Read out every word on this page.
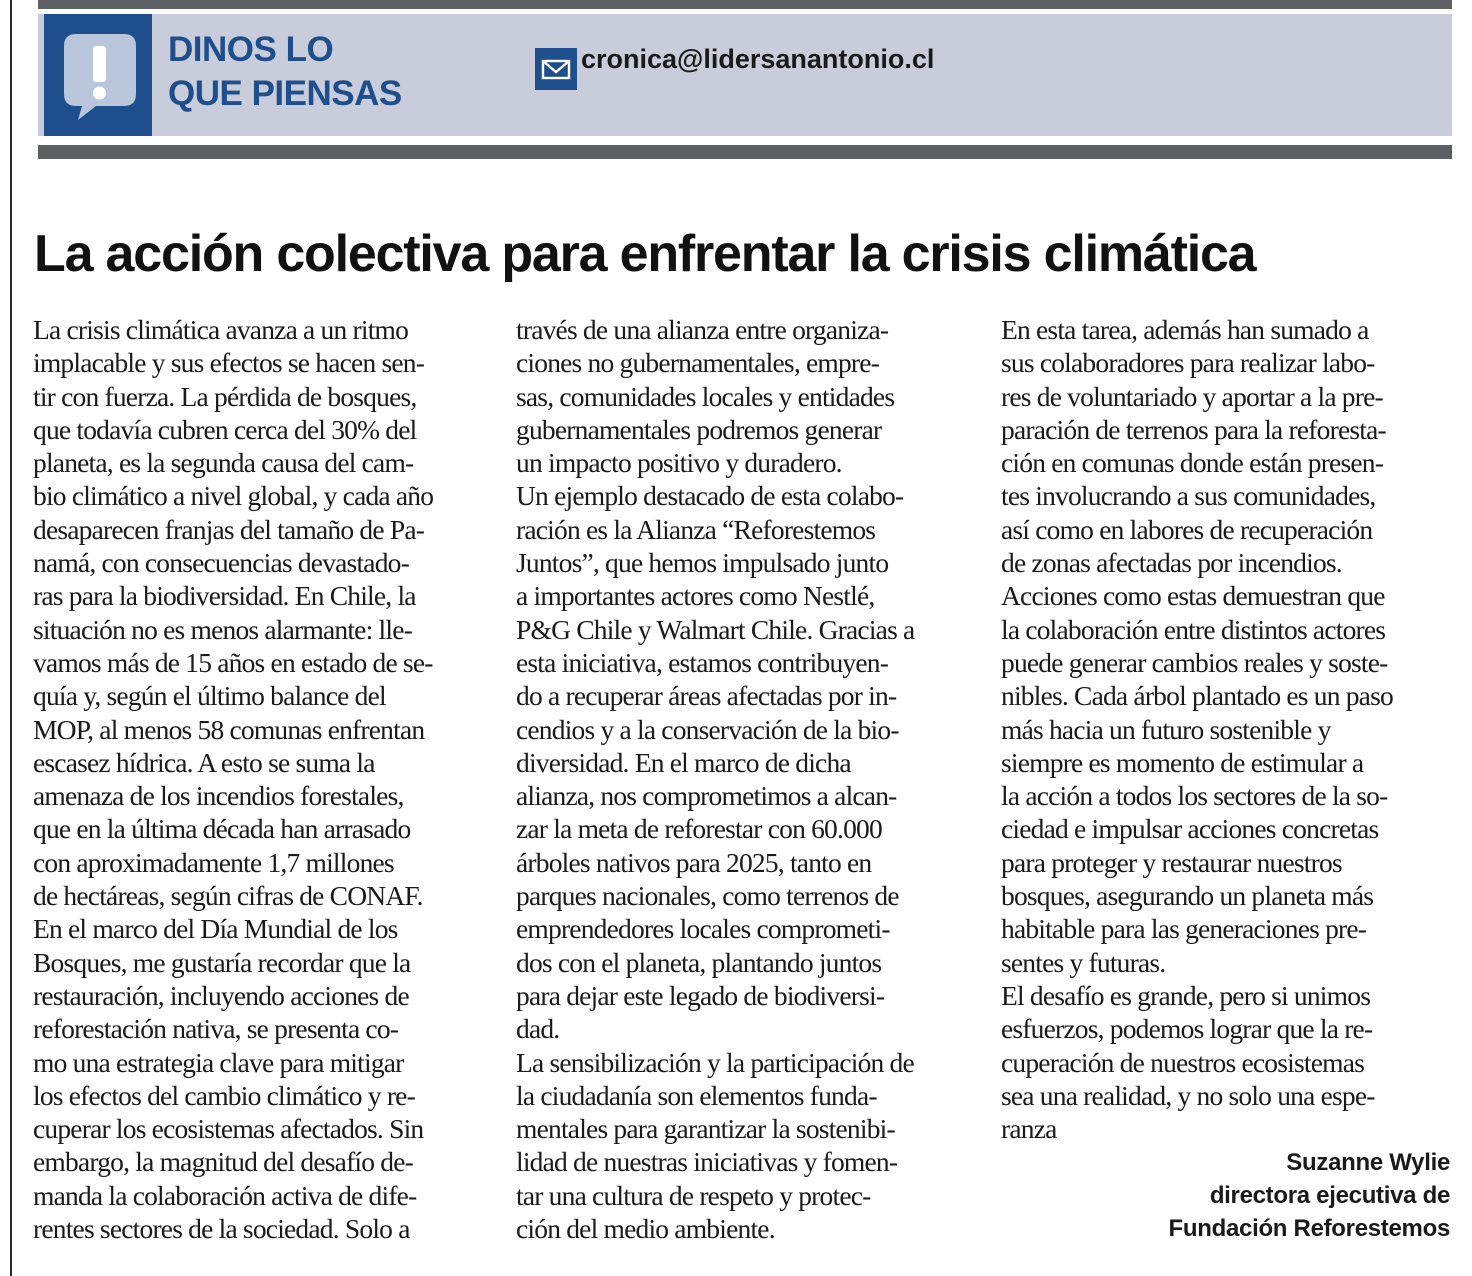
DINOS LO
QUE PIENSAS
cronica@lidersanantonio.cl
La acción colectiva para enfrentar la crisis climática
La crisis climática avanza a un ritmo
implacable y sus efectos se hacen sen-
tir con fuerza. La pérdida de bosques,
que todavía cubren cerca del 30% del
planeta, es la segunda causa del cam-
bio climático a nivel global, y cada año
desaparecen franjas del tamaño de Pa-
namá, con consecuencias devastado-
ras para la biodiversidad. En Chile, la
situación no es menos alarmante: lle-
vamos más de 15 años en estado de se-
quía y, según el último balance del
MOP, al menos 58 comunas enfrentan
escasez hídrica. A esto se suma la
amenaza de los incendios forestales,
que en la última década han arrasado
con aproximadamente 1,7 millones
de hectáreas, según cifras de CONAF.
En el marco del Día Mundial de los
Bosques, me gustaría recordar que la
restauración, incluyendo acciones de
reforestación nativa, se presenta co-
mo una estrategia clave para mitigar
los efectos del cambio climático y re-
cuperar los ecosistemas afectados. Sin
embargo, la magnitud del desafío de-
manda la colaboración activa de dife-
rentes sectores de la sociedad. Solo a
través de una alianza entre organiza-
ciones no gubernamentales, empre-
sas, comunidades locales y entidades
gubernamentales podremos generar
un impacto positivo y duradero.
Un ejemplo destacado de esta colabo-
ración es la Alianza “Reforestemos
Juntos”, que hemos impulsado junto
a importantes actores como Nestlé,
P&G Chile y Walmart Chile. Gracias a
esta iniciativa, estamos contribuyen-
do a recuperar áreas afectadas por in-
cendios y a la conservación de la bio-
diversidad. En el marco de dicha
alianza, nos comprometimos a alcan-
zar la meta de reforestar con 60.000
árboles nativos para 2025, tanto en
parques nacionales, como terrenos de
emprendedores locales comprometi-
dos con el planeta, plantando juntos
para dejar este legado de biodiversi-
dad.
La sensibilización y la participación de
la ciudadanía son elementos funda-
mentales para garantizar la sostenibi-
lidad de nuestras iniciativas y fomen-
tar una cultura de respeto y protec-
ción del medio ambiente.
En esta tarea, además han sumado a
sus colaboradores para realizar labo-
res de voluntariado y aportar a la pre-
paración de terrenos para la reforesta-
ción en comunas donde están presen-
tes involucrando a sus comunidades,
así como en labores de recuperación
de zonas afectadas por incendios.
Acciones como estas demuestran que
la colaboración entre distintos actores
puede generar cambios reales y soste-
nibles. Cada árbol plantado es un paso
más hacia un futuro sostenible y
siempre es momento de estimular a
la acción a todos los sectores de la so-
ciedad e impulsar acciones concretas
para proteger y restaurar nuestros
bosques, asegurando un planeta más
habitable para las generaciones pre-
sentes y futuras.
El desafío es grande, pero si unimos
esfuerzos, podemos lograr que la re-
cuperación de nuestros ecosistemas
sea una realidad, y no solo una espe-
ranza
Suzanne Wylie
directora ejecutiva de
Fundación Reforestemos
